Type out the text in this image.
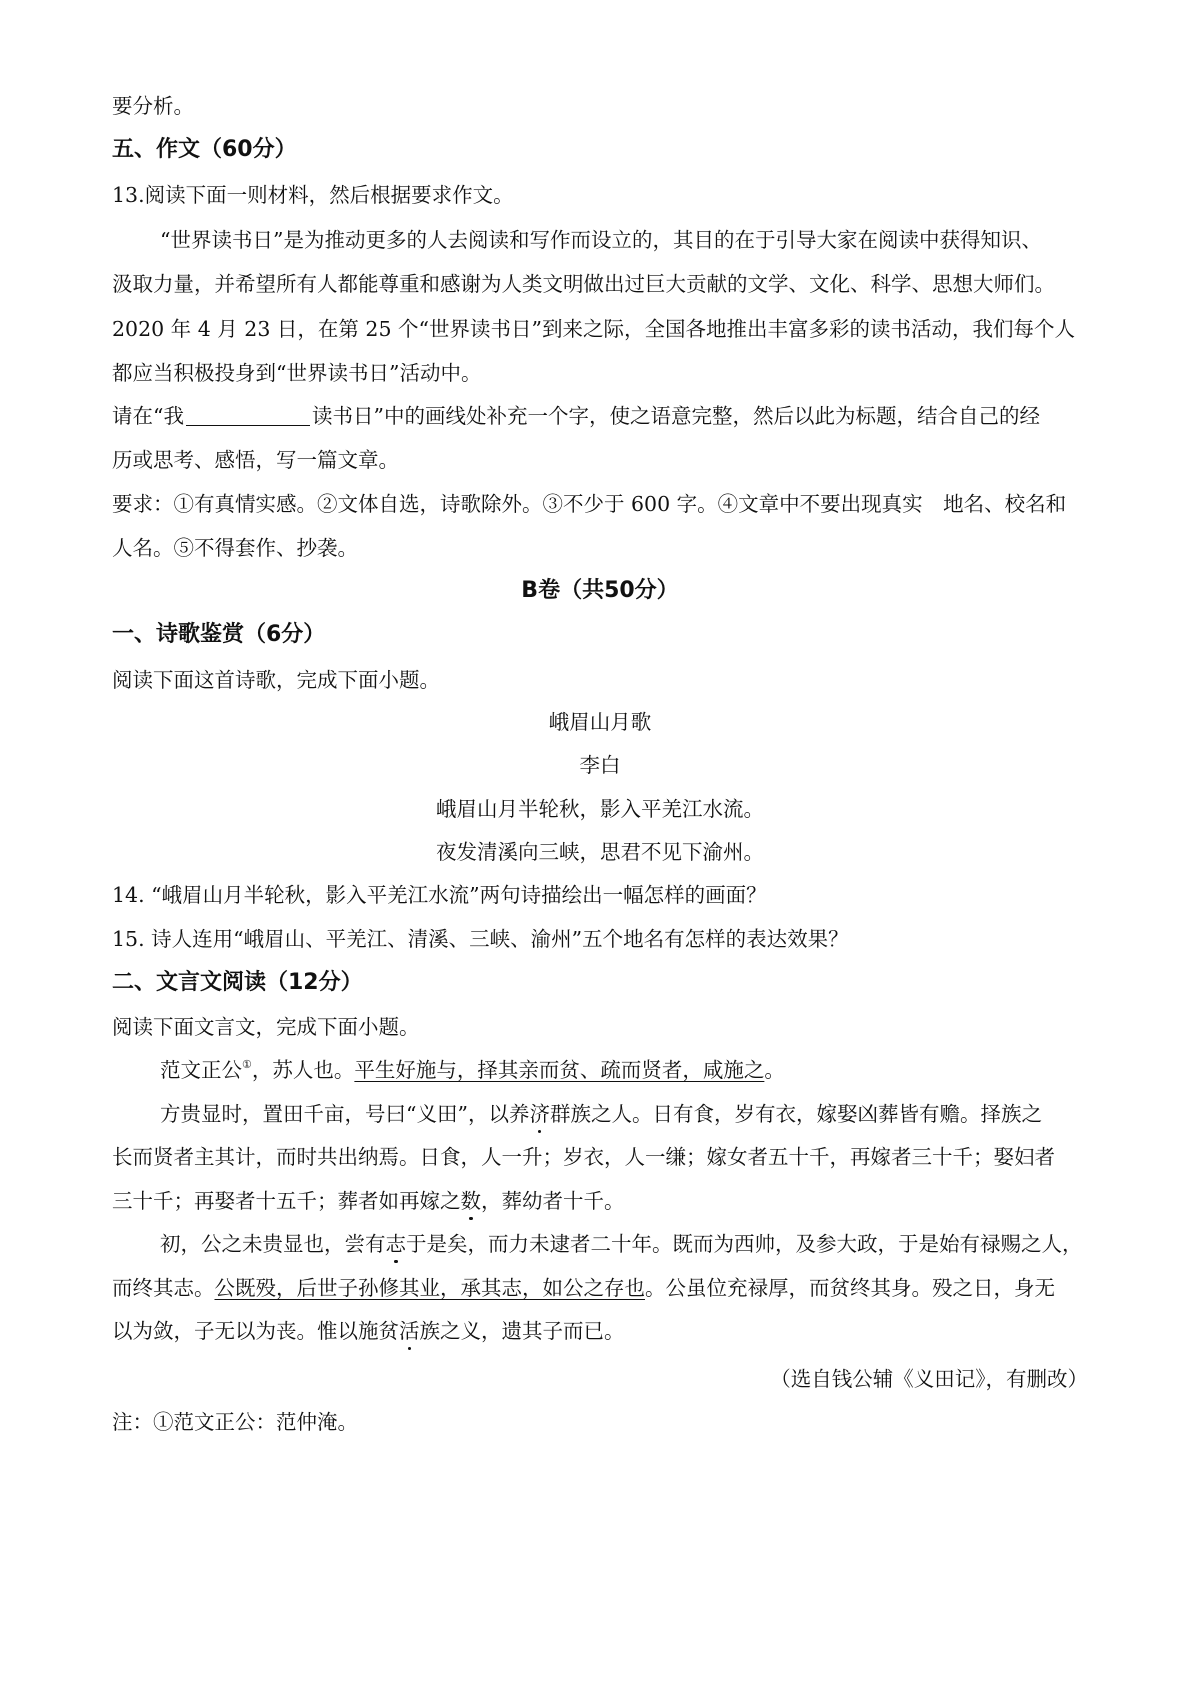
要分析。
五、作文（60分）
13.阅读下面一则材料，然后根据要求作文。
“世界读书日”是为推动更多的人去阅读和写作而设立的，其目的在于引导大家在阅读中获得知识、
汲取力量，并希望所有人都能尊重和感谢为人类文明做出过巨大贡献的文学、文化、科学、思想大师们。
2020 年 4 月 23 日，在第 25 个“世界读书日”到来之际，全国各地推出丰富多彩的读书活动，我们每个人
都应当积极投身到“世界读书日”活动中。
请在“我	读书日”中的画线处补充一个字，使之语意完整，然后以此为标题，结合自己的经
历或思考、感悟，写一篇文章。
要求：①有真情实感。②文体自选，诗歌除外。③不少于 600 字。④文章中不要出现真实　地名、校名和
人名。⑤不得套作、抄袭。
B卷（共50分）
一、诗歌鉴赏（6分）
阅读下面这首诗歌，完成下面小题。
峨眉山月歌
李白
峨眉山月半轮秋，影入平羌江水流。
夜发清溪向三峡，思君不见下渝州。
14. “峨眉山月半轮秋，影入平羌江水流”两句诗描绘出一幅怎样的画面？
15. 诗人连用“峨眉山、平羌江、清溪、三峡、渝州”五个地名有怎样的表达效果？
二、文言文阅读（12分）
阅读下面文言文，完成下面小题。
范文正公①，苏人也。平生好施与，择其亲而贫、疏而贤者，咸施之。
方贵显时，置田千亩，号曰“义田”，以养济群族之人。日有食，岁有衣，嫁娶凶葬皆有赡。择族之
长而贤者主其计，而时共出纳焉。日食，人一升；岁衣，人一缣；嫁女者五十千，再嫁者三十千；娶妇者
三十千；再娶者十五千；葬者如再嫁之数，葬幼者十千。
初，公之未贵显也，尝有志于是矣，而力未逮者二十年。既而为西帅，及参大政，于是始有禄赐之人，
而终其志。公既殁，后世子孙修其业，承其志，如公之存也。公虽位充禄厚，而贫终其身。殁之日，身无
以为敛，子无以为丧。惟以施贫活族之义，遗其子而已。
（选自钱公辅《义田记》，有删改）
注：①范文正公：范仲淹。
